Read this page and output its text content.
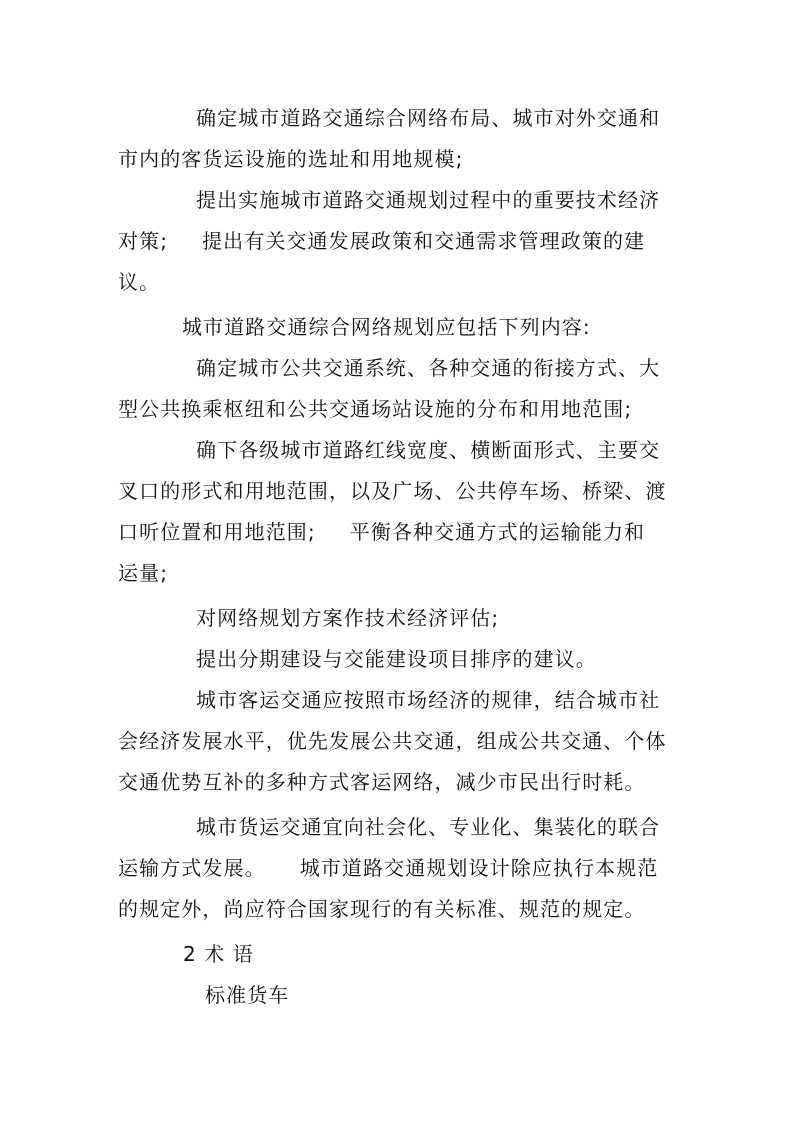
确定城市道路交通综合网络布局、城市对外交通和
市内的客货运设施的选址和用地规模;
提出实施城市道路交通规划过程中的重要技术经济
对策; 提出有关交通发展政策和交通需求管理政策的建
议。
城市道路交通综合网络规划应包括下列内容:
确定城市公共交通系统、各种交通的衔接方式、大
型公共换乘枢纽和公共交通场站设施的分布和用地范围;
确下各级城市道路红线宽度、横断面形式、主要交
叉口的形式和用地范围，以及广场、公共停车场、桥梁、渡
口听位置和用地范围; 平衡各种交通方式的运输能力和
运量;
对网络规划方案作技术经济评估;
提出分期建设与交能建设项目排序的建议。
城市客运交通应按照市场经济的规律，结合城市社
会经济发展水平，优先发展公共交通，组成公共交通、个体
交通优势互补的多种方式客运网络，减少市民出行时耗。
城市货运交通宜向社会化、专业化、集装化的联合
运输方式发展。 城市道路交通规划设计除应执行本规范
的规定外，尚应符合国家现行的有关标准、规范的规定。
2 术 语
标准货车
